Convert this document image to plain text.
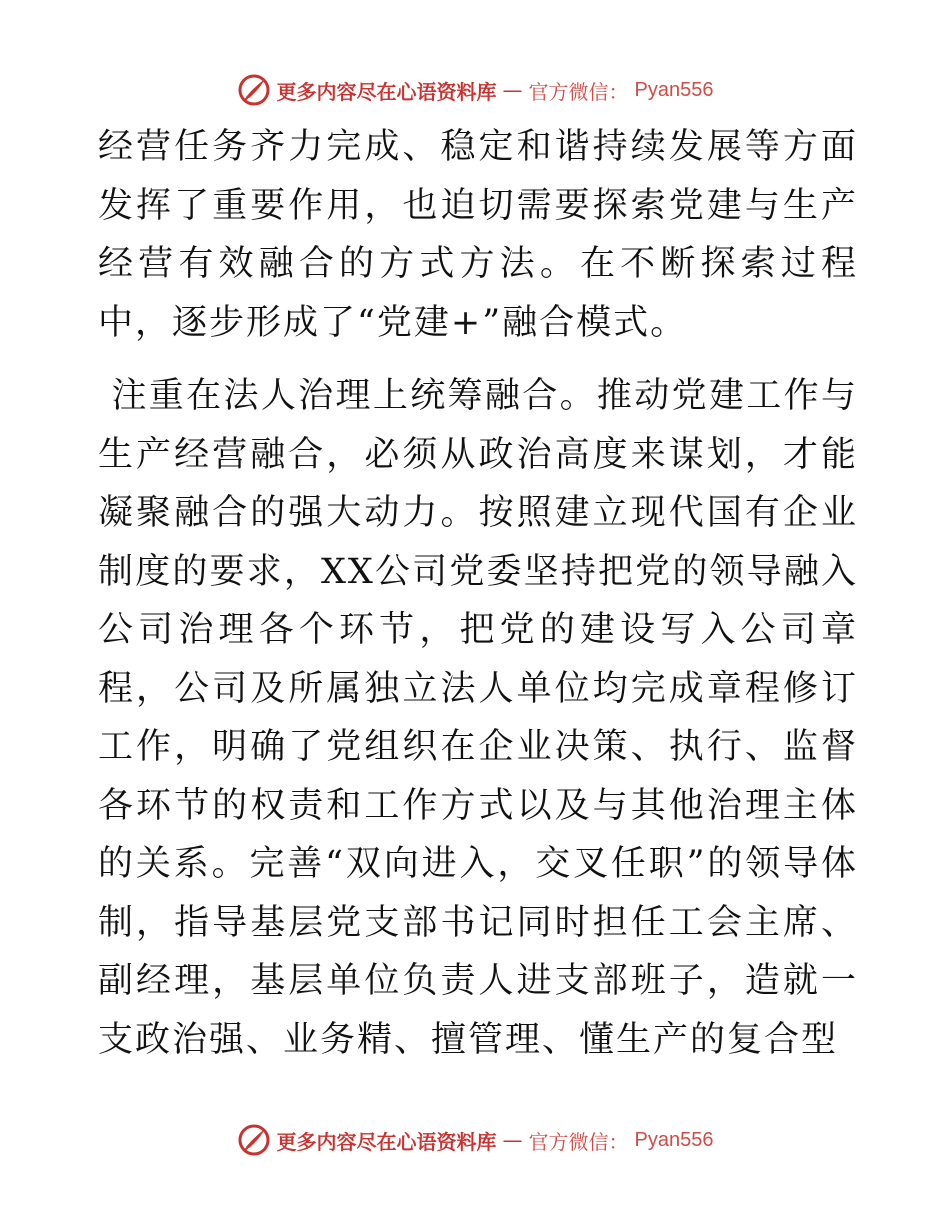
更多内容尽在心语资料库 — 官方微信： Pyan556

经营任务齐力完成、稳定和谐持续发展等方面发挥了重要作用，也迫切需要探索党建与生产经营有效融合的方式方法。在不断探索过程中，逐步形成了“党建+”融合模式。

注重在法人治理上统筹融合。推动党建工作与生产经营融合，必须从政治高度来谋划，才能凝聚融合的强大动力。按照建立现代国有企业制度的要求，XX公司党委坚持把党的领导融入公司治理各个环节，把党的建设写入公司章程，公司及所属独立法人单位均完成章程修订工作，明确了党组织在企业决策、执行、监督各环节的权责和工作方式以及与其他治理主体的关系。完善“双向进入，交叉任职”的领导体制，指导基层党支部书记同时担任工会主席、副经理，基层单位负责人进支部班子，造就一支政治强、业务精、擅管理、懂生产的复合型

更多内容尽在心语资料库 — 官方微信： Pyan556
